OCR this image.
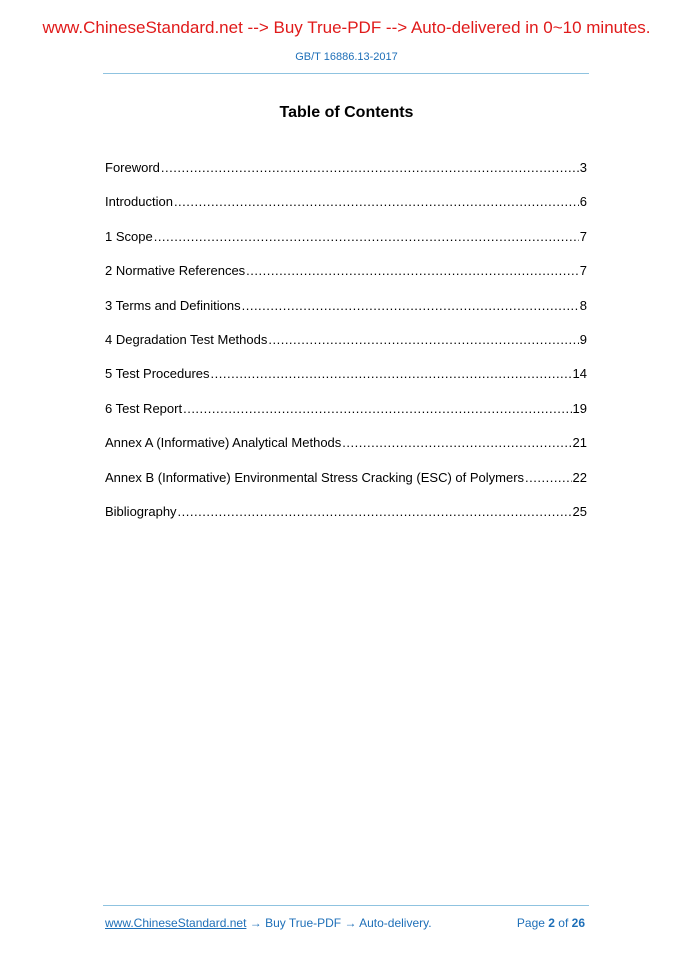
www.ChineseStandard.net --> Buy True-PDF --> Auto-delivered in 0~10 minutes.
GB/T 16886.13-2017
Table of Contents
Foreword .....	3
Introduction .....	6
1 Scope .....	7
2 Normative References .....	7
3 Terms and Definitions .....	8
4 Degradation Test Methods .....	9
5 Test Procedures .....	14
6 Test Report .....	19
Annex A (Informative) Analytical Methods .....	21
Annex B (Informative) Environmental Stress Cracking (ESC) of Polymers .....	22
Bibliography .....	25
www.ChineseStandard.net → Buy True-PDF → Auto-delivery.	Page 2 of 26
